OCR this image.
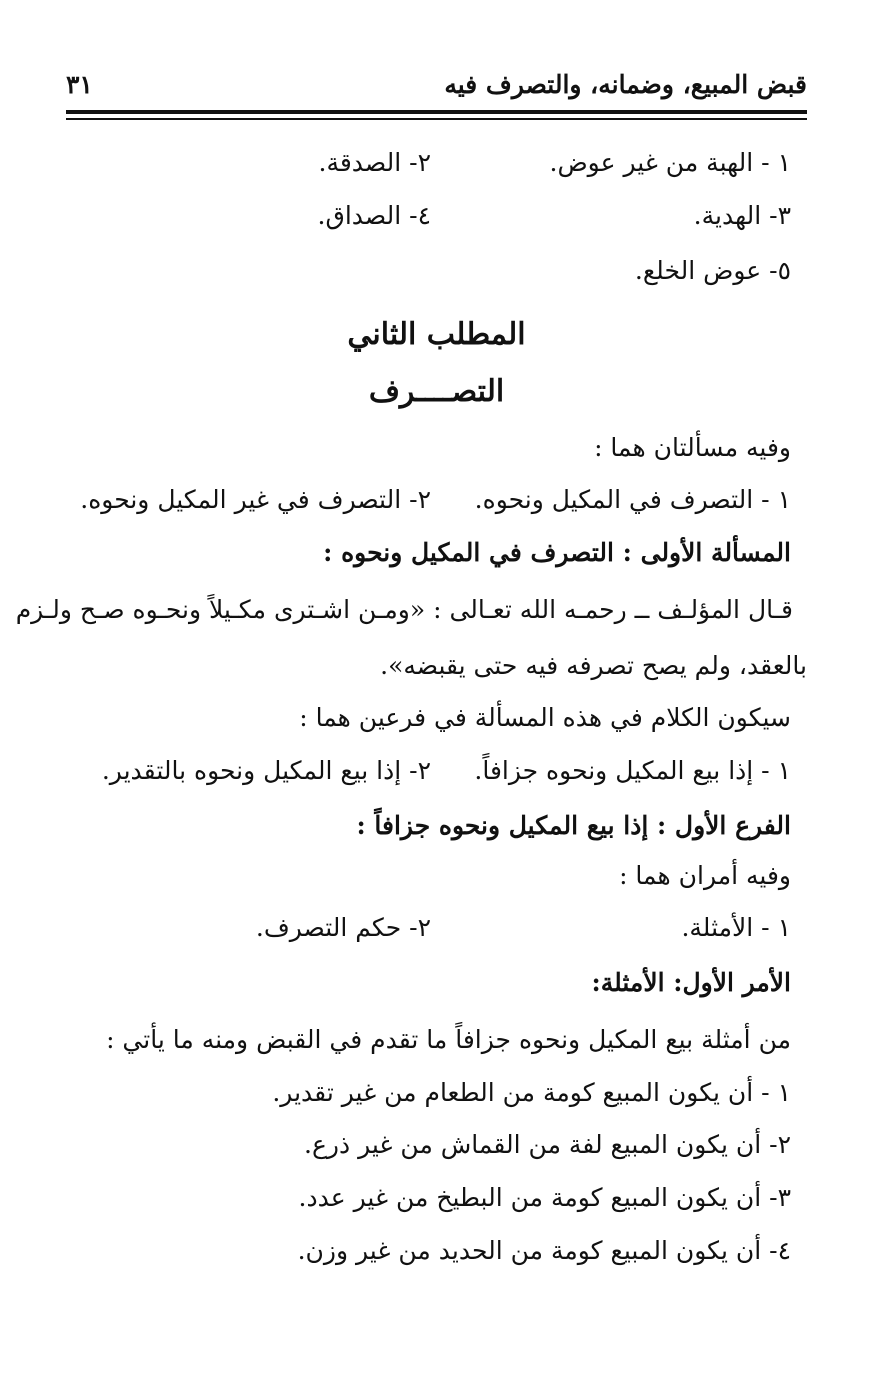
قبض المبيع، وضمانه، والتصرف فيه
٣١
١ - الهبة من غير عوض.
٢- الصدقة.
٣- الهدية.
٤- الصداق.
٥- عوض الخلع.
المطلب الثاني
التصــــرف
وفيه مسألتان هما :
١ - التصرف في المكيل ونحوه.
٢- التصرف في غير المكيل ونحوه.
المسألة الأولى : التصرف في المكيل ونحوه :
قـال المؤلـف ــ رحمـه الله تعـالى : «ومـن اشـترى مكـيلاً ونحـوه صـح ولـزم
بالعقد، ولم يصح تصرفه فيه حتى يقبضه».
سيكون الكلام في هذه المسألة في فرعين هما :
١ - إذا بيع المكيل ونحوه جزافاً.
٢- إذا بيع المكيل ونحوه بالتقدير.
الفرع الأول : إذا بيع المكيل ونحوه جزافاً :
وفيه أمران هما :
١ - الأمثلة.
٢- حكم التصرف.
الأمر الأول: الأمثلة:
من أمثلة بيع المكيل ونحوه جزافاً ما تقدم في القبض ومنه ما يأتي :
١ - أن يكون المبيع كومة من الطعام من غير تقدير.
٢- أن يكون المبيع لفة من القماش من غير ذرع.
٣- أن يكون المبيع كومة من البطيخ من غير عدد.
٤- أن يكون المبيع كومة من الحديد من غير وزن.
